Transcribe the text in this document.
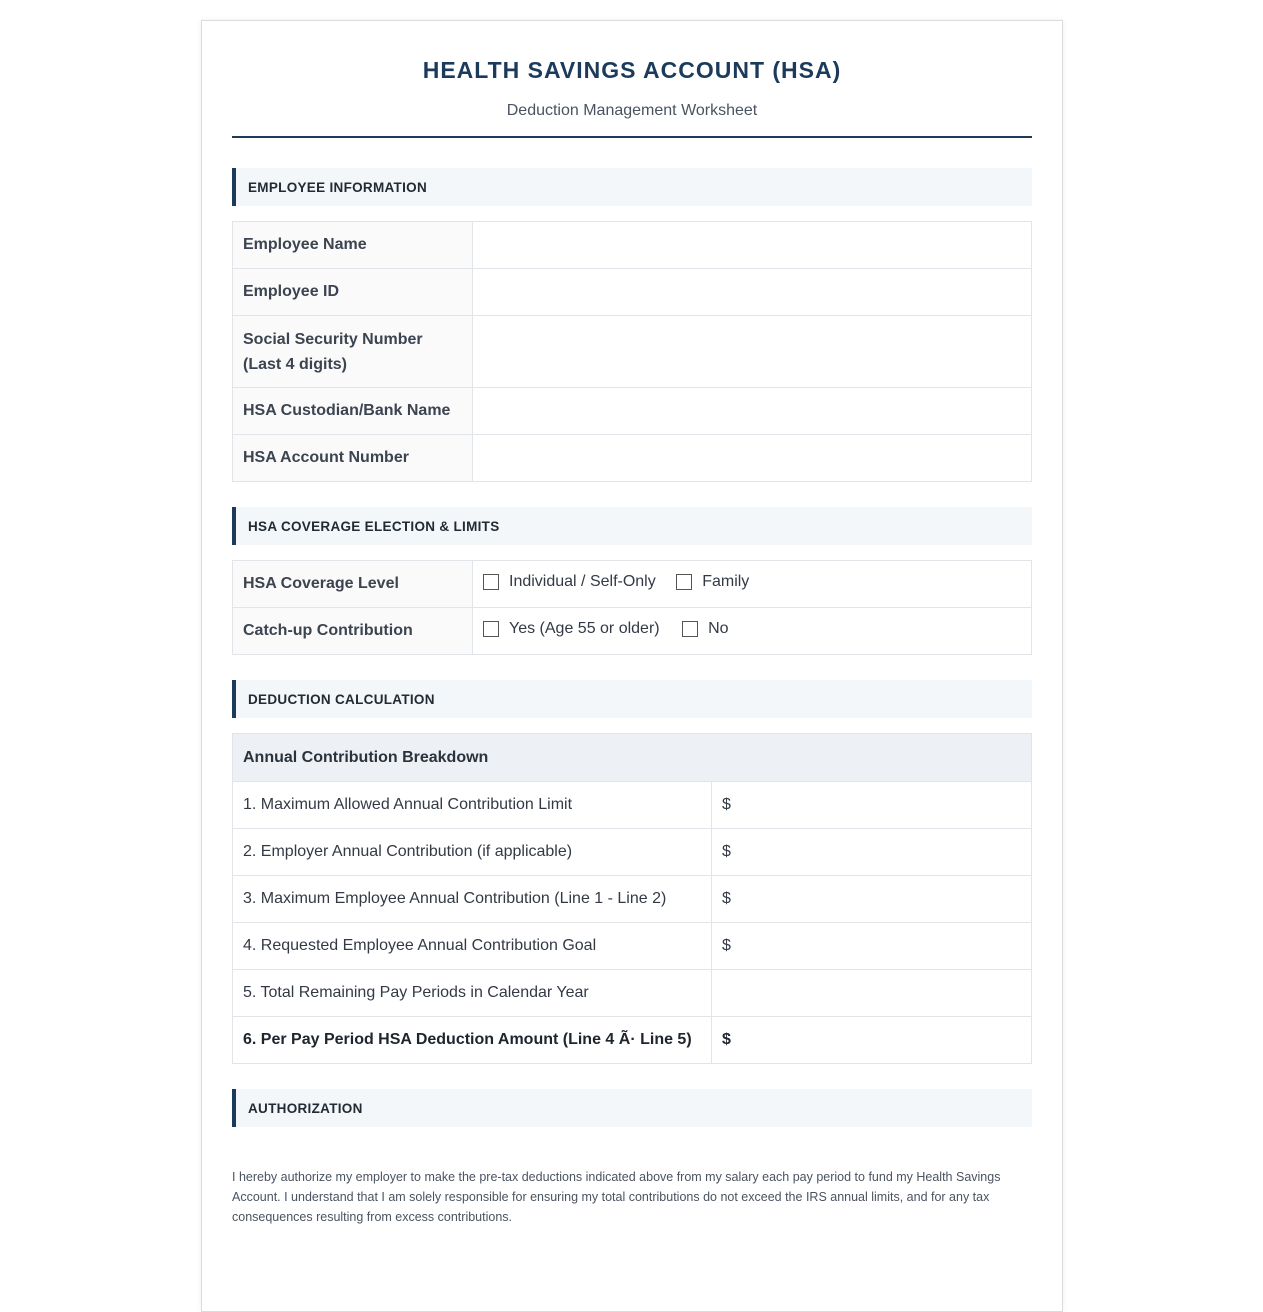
HEALTH SAVINGS ACCOUNT (HSA)
Deduction Management Worksheet
EMPLOYEE INFORMATION
Employee Name	
Employee ID	
Social Security Number
(Last 4 digits)	
HSA Custodian/Bank Name	
HSA Account Number	
HSA COVERAGE ELECTION & LIMITS
HSA Coverage Level	Individual / Self-Only
Family

Catch-up Contribution	Yes (Age 55 or older)
No
DEDUCTION CALCULATION
Annual Contribution Breakdown	
1. Maximum Allowed Annual Contribution Limit	$
2. Employer Annual Contribution (if applicable)	$
3. Maximum Employee Annual Contribution (Line 1 - Line 2)	$
4. Requested Employee Annual Contribution Goal	$
5. Total Remaining Pay Periods in Calendar Year	
6. Per Pay Period HSA Deduction Amount (Line 4 Ã· Line 5)	$
AUTHORIZATION
I hereby authorize my employer to make the pre-tax deductions indicated above from my salary each pay period to fund my Health Savings Account. I understand that I am solely responsible for ensuring my total contributions do not exceed the IRS annual limits, and for any tax consequences resulting from excess contributions.
